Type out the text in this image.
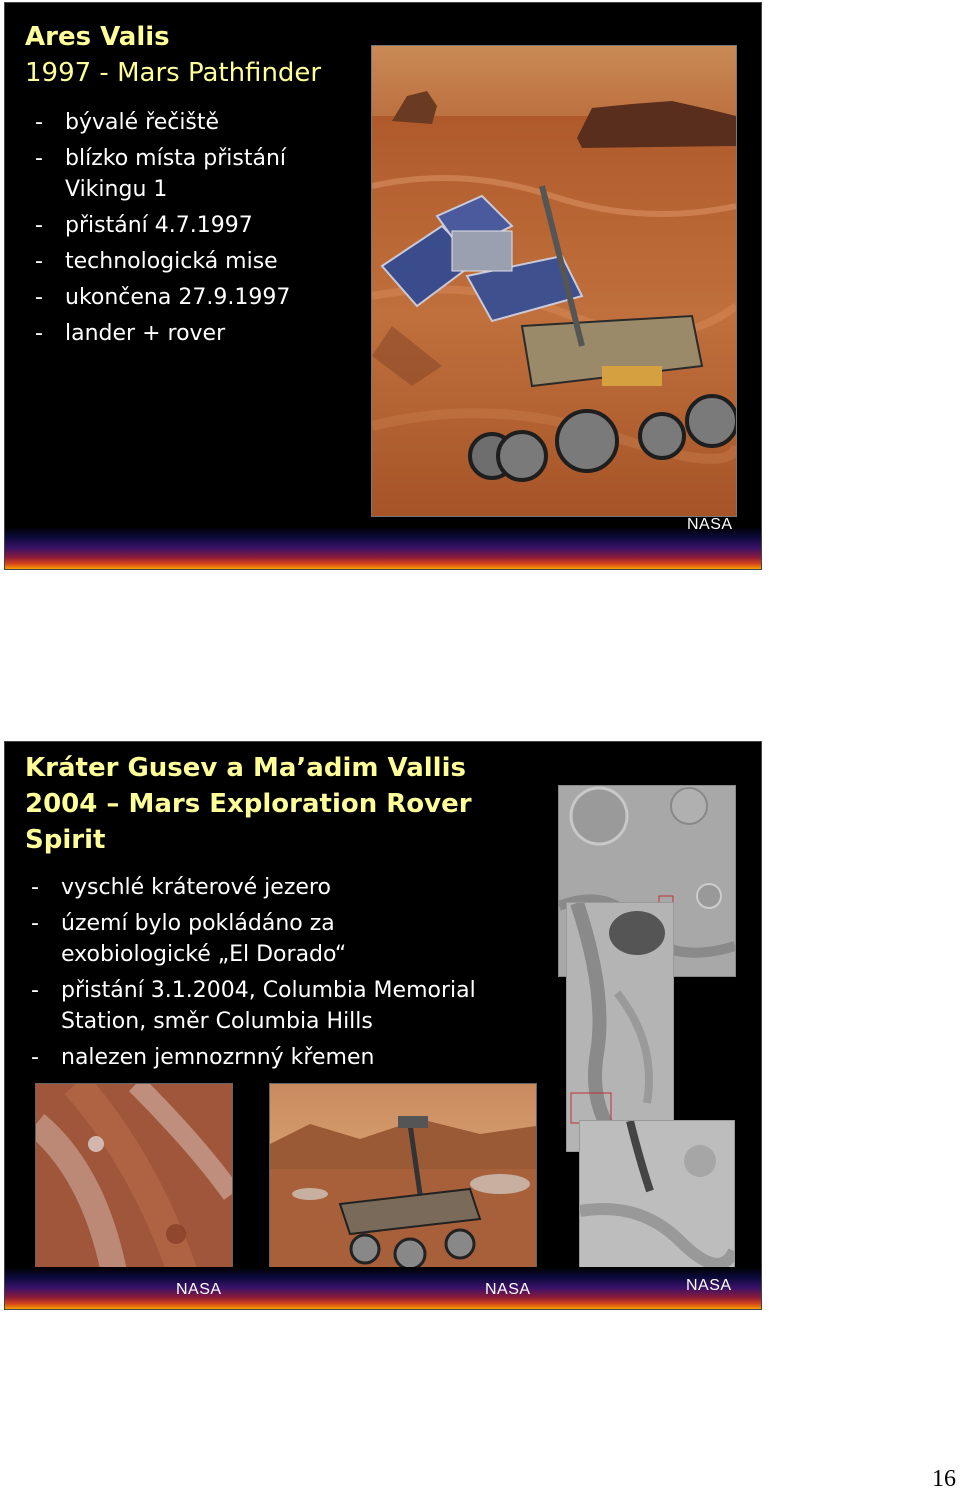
Ares Valis
1997 - Mars Pathfinder
- bývalé řečiště
- blízko místa přistání Vikingu 1
- přistání 4.7.1997
- technologická mise
- ukončena 27.9.1997
- lander + rover
NASA
Kráter Gusev a Ma’adim Vallis
2004 – Mars Exploration Rover
Spirit
- vyschlé kráterové jezero
- území bylo pokládáno za exobiologické „El Dorado“
- přistání 3.1.2004, Columbia Memorial Station, směr Columbia Hills
- nalezen jemnozrnný křemen
NASA	NASA	NASA
16
